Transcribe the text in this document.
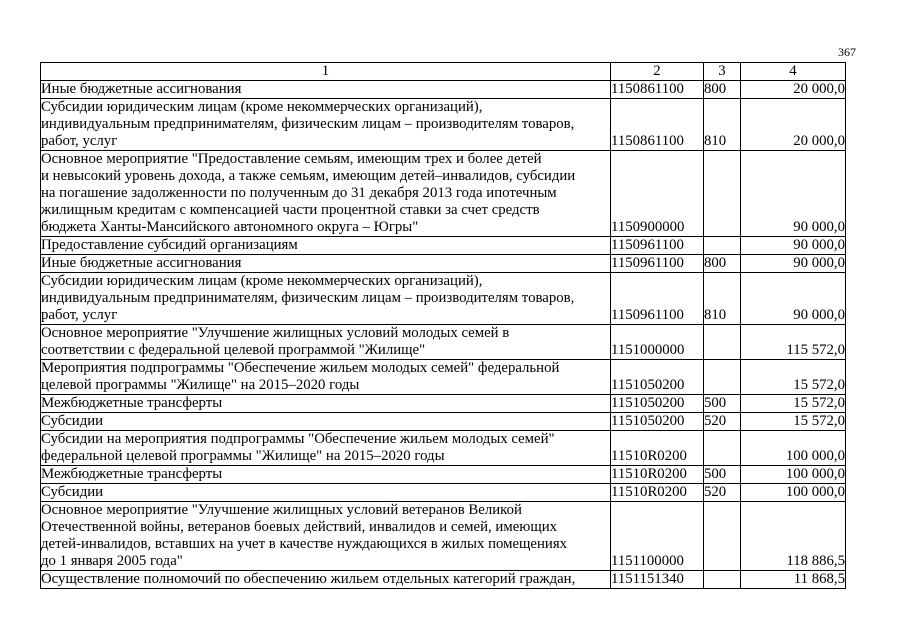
367
1	2	3	4

Иные бюджетные ассигнования	1150861100	800	20 000,0

Субсидии юридическим лицам (кроме некоммерческих организаций),
индивидуальным предпринимателям, физическим лицам – производителям товаров,
работ, услуг	1150861100	810	20 000,0

Основное мероприятие "Предоставление семьям, имеющим трех и более детей
и невысокий уровень дохода, а также семьям, имеющим детей–инвалидов, субсидии
на погашение задолженности по полученным до 31 декабря 2013 года ипотечным
жилищным кредитам с компенсацией части процентной ставки за счет средств
бюджета Ханты-Мансийского автономного округа – Югры"	1150900000		90 000,0

Предоставление субсидий организациям	1150961100		90 000,0

Иные бюджетные ассигнования	1150961100	800	90 000,0

Субсидии юридическим лицам (кроме некоммерческих организаций),
индивидуальным предпринимателям, физическим лицам – производителям товаров,
работ, услуг	1150961100	810	90 000,0

Основное мероприятие "Улучшение жилищных условий молодых семей в
соответствии с федеральной целевой программой "Жилище"	1151000000		115 572,0

Мероприятия подпрограммы "Обеспечение жильем молодых семей" федеральной
целевой программы "Жилище" на 2015–2020 годы	1151050200		15 572,0

Межбюджетные трансферты	1151050200	500	15 572,0

Субсидии	1151050200	520	15 572,0

Субсидии на мероприятия подпрограммы "Обеспечение жильем молодых семей"
федеральной целевой программы "Жилище" на 2015–2020 годы	11510R0200		100 000,0

Межбюджетные трансферты	11510R0200	500	100 000,0

Субсидии	11510R0200	520	100 000,0

Основное мероприятие "Улучшение жилищных условий ветеранов Великой
Отечественной войны, ветеранов боевых действий, инвалидов и семей, имеющих
детей-инвалидов, вставших на учет в качестве нуждающихся в жилых помещениях
до 1 января 2005 года"	1151100000		118 886,5

Осуществление полномочий по обеспечению жильем отдельных категорий граждан,	1151151340		11 868,5
